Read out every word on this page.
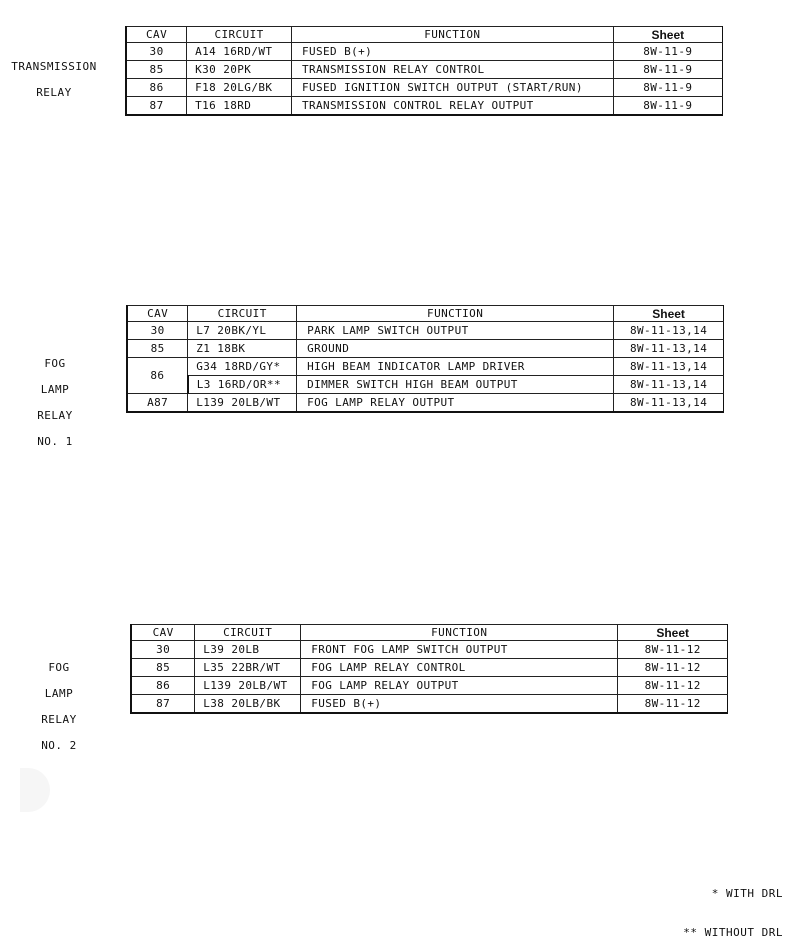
TRANSMISSION

RELAY

CAV	CIRCUIT	FUNCTION	Sheet
30	A14 16RD/WT	FUSED B(+)	8W-11-9
85	K30 20PK	TRANSMISSION RELAY CONTROL	8W-11-9
86	F18 20LG/BK	FUSED IGNITION SWITCH OUTPUT (START/RUN)	8W-11-9
87	T16 18RD	TRANSMISSION CONTROL RELAY OUTPUT	8W-11-9

FOG

LAMP

RELAY

NO. 1

CAV	CIRCUIT	FUNCTION	Sheet
30	L7 20BK/YL	PARK LAMP SWITCH OUTPUT	8W-11-13,14
85	Z1 18BK	GROUND	8W-11-13,14
86	G34 18RD/GY*	HIGH BEAM INDICATOR LAMP DRIVER	8W-11-13,14
	L3 16RD/OR**	DIMMER SWITCH HIGH BEAM OUTPUT	8W-11-13,14
A87	L139 20LB/WT	FOG LAMP RELAY OUTPUT	8W-11-13,14

FOG

LAMP

RELAY

NO. 2

CAV	CIRCUIT	FUNCTION	Sheet
30	L39 20LB	FRONT FOG LAMP SWITCH OUTPUT	8W-11-12
85	L35 22BR/WT	FOG LAMP RELAY CONTROL	8W-11-12
86	L139 20LB/WT	FOG LAMP RELAY OUTPUT	8W-11-12
87	L38 20LB/BK	FUSED B(+)	8W-11-12

* WITH DRL

** WITHOUT DRL
